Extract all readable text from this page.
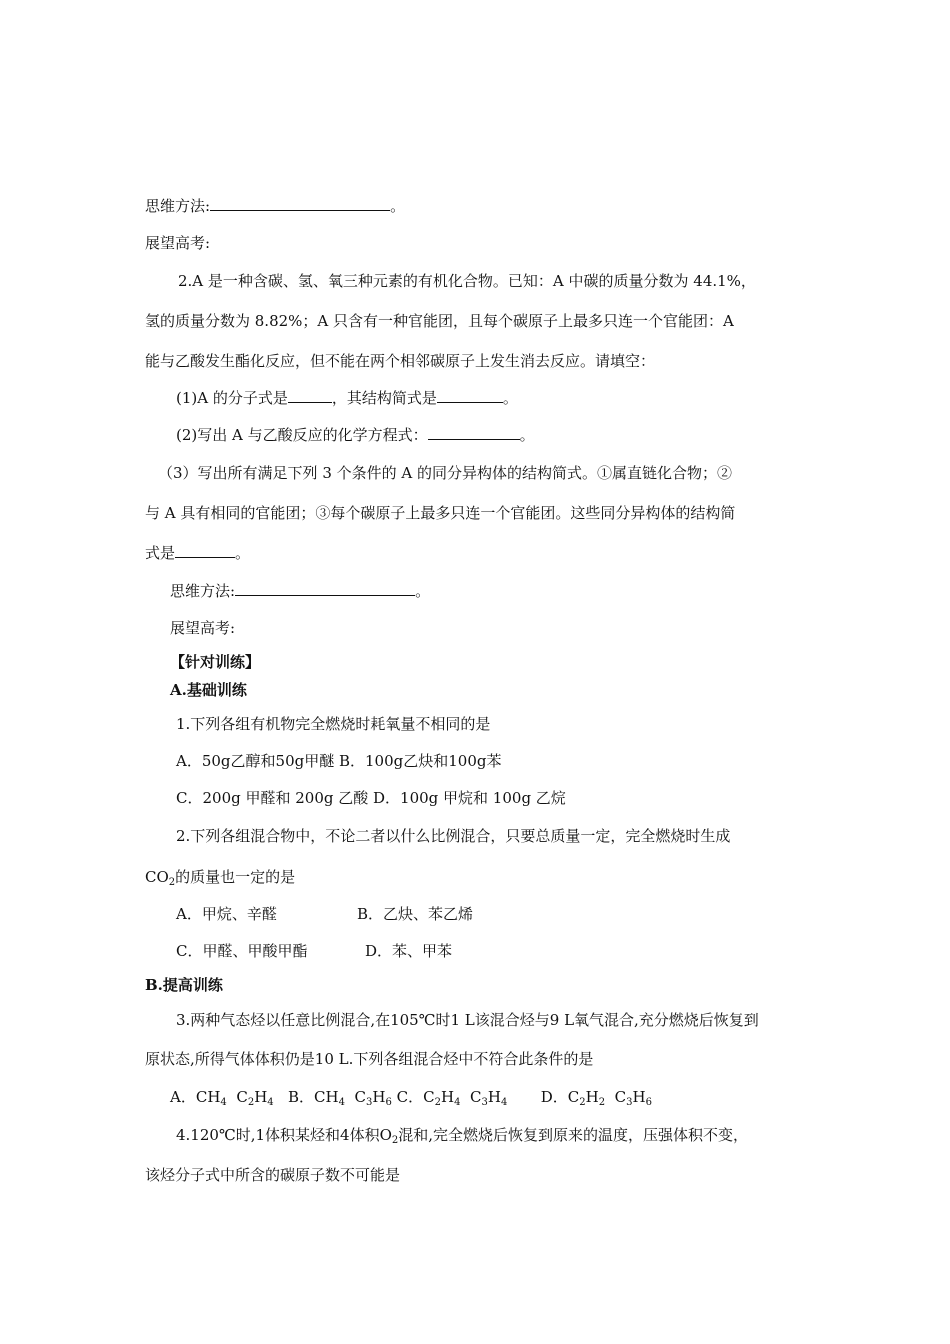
思维方法:	。
展望高考:
2.A 是一种含碳、氢、氧三种元素的有机化合物。已知：A 中碳的质量分数为 44.1%，
氢的质量分数为 8.82%；A 只含有一种官能团，且每个碳原子上最多只连一个官能团：A
能与乙酸发生酯化反应，但不能在两个相邻碳原子上发生消去反应。请填空：
(1)A 的分子式是	，其结构简式是	。
(2)写出 A 与乙酸反应的化学方程式：	。
（3）写出所有满足下列 3 个条件的 A 的同分异构体的结构简式。①属直链化合物；②
与 A 具有相同的官能团；③每个碳原子上最多只连一个官能团。这些同分异构体的结构简
式是	。
思维方法:	。
展望高考:
【针对训练】
A.基础训练
1.下列各组有机物完全燃烧时耗氧量不相同的是
A．50g乙醇和50g甲醚 B．100g乙炔和100g苯
C．200g 甲醛和 200g 乙酸 D．100g 甲烷和 100g 乙烷
2.下列各组混合物中，不论二者以什么比例混合，只要总质量一定，完全燃烧时生成
$CO_2$的质量也一定的是
A．甲烷、辛醛	B．乙炔、苯乙烯
C．甲醛、甲酸甲酯	D．苯、甲苯
B.提高训练
3.两种气态烃以任意比例混合,在105℃时1 L该混合烃与9 L氧气混合,充分燃烧后恢复到
原状态,所得气体体积仍是10 L.下列各组混合烃中不符合此条件的是
A．$CH_4$ $C_2H_4$ B．$CH_4$ $C_3H_6$ C．$C_2H_4$ $C_3H_4$ D．$C_2H_2$ $C_3H_6$
4.120℃时,1体积某烃和4体积$O_2$混和,完全燃烧后恢复到原来的温度，压强体积不变，
该烃分子式中所含的碳原子数不可能是
